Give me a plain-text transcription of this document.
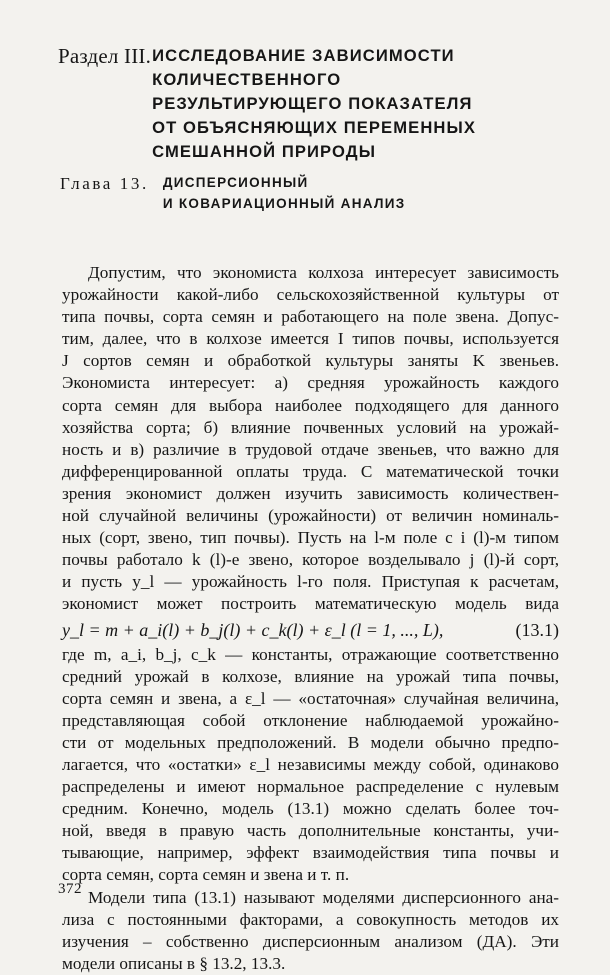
Раздел III. ИССЛЕДОВАНИЕ ЗАВИСИМОСТИ
КОЛИЧЕСТВЕННОГО
РЕЗУЛЬТИРУЮЩЕГО ПОКАЗАТЕЛЯ
ОТ ОБЪЯСНЯЮЩИХ ПЕРЕМЕННЫХ
СМЕШАННОЙ ПРИРОДЫ
Глава 13. ДИСПЕРСИОННЫЙ
И КОВАРИАЦИОННЫЙ АНАЛИЗ
Допустим, что экономиста колхоза интересует зависимость
урожайности какой-либо сельскохозяйственной культуры от
типа почвы, сорта семян и работающего на поле звена. Допус-
тим, далее, что в колхозе имеется I типов почвы, используется
J сортов семян и обработкой культуры заняты K звеньев.
Экономиста интересует: а) средняя урожайность каждого
сорта семян для выбора наиболее подходящего для данного
хозяйства сорта; б) влияние почвенных условий на урожай-
ность и в) различие в трудовой отдаче звеньев, что важно для
дифференцированной оплаты труда. С математической точки
зрения экономист должен изучить зависимость количествен-
ной случайной величины (урожайности) от величин номиналь-
ных (сорт, звено, тип почвы). Пусть на l-м поле с i (l)-м типом
почвы работало k (l)-е звено, которое возделывало j (l)-й сорт,
и пусть y_l — урожайность l-го поля. Приступая к расчетам,
экономист может построить математическую модель вида
y_l = m + a_i(l) + b_j(l) + c_k(l) + ε_l (l = 1, ..., L),	(13.1)
где m, a_i, b_j, c_k — константы, отражающие соответственно
средний урожай в колхозе, влияние на урожай типа почвы,
сорта семян и звена, а ε_l — «остаточная» случайная величина,
представляющая собой отклонение наблюдаемой урожайно-
сти от модельных предположений. В модели обычно предпо-
лагается, что «остатки» ε_l независимы между собой, одинаково
распределены и имеют нормальное распределение с нулевым
средним. Конечно, модель (13.1) можно сделать более точ-
ной, введя в правую часть дополнительные константы, учи-
тывающие, например, эффект взаимодействия типа почвы и
сорта семян, сорта семян и звена и т. п.
Модели типа (13.1) называют моделями дисперсионного ана-
лиза с постоянными факторами, а совокупность методов их
изучения – собственно дисперсионным анализом (ДА). Эти
модели описаны в § 13.2, 13.3.
372
